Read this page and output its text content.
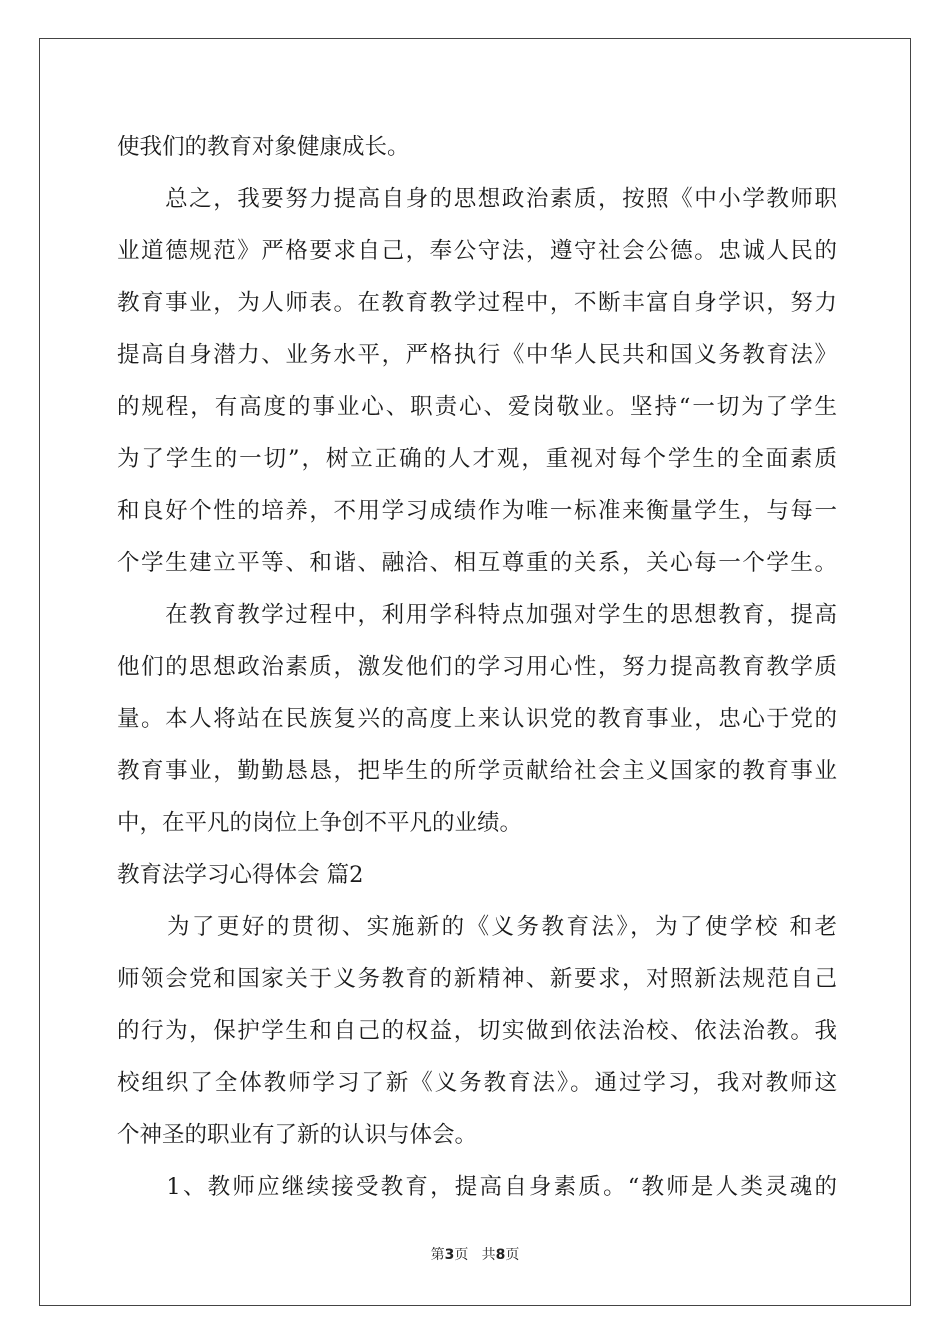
使我们的教育对象健康成长。
　　总之，我要努力提高自身的思想政治素质，按照《中小学教师职
业道德规范》严格要求自己，奉公守法，遵守社会公德。忠诚人民的
教育事业，为人师表。在教育教学过程中，不断丰富自身学识，努力
提高自身潜力、业务水平，严格执行《中华人民共和国义务教育法》
的规程，有高度的事业心、职责心、爱岗敬业。坚持“一切为了学生
为了学生的一切”，树立正确的人才观，重视对每个学生的全面素质
和良好个性的培养，不用学习成绩作为唯一标准来衡量学生，与每一
个学生建立平等、和谐、融洽、相互尊重的关系，关心每一个学生。
　　在教育教学过程中，利用学科特点加强对学生的思想教育，提高
他们的思想政治素质，激发他们的学习用心性，努力提高教育教学质
量。本人将站在民族复兴的高度上来认识党的教育事业，忠心于党的
教育事业，勤勤恳恳，把毕生的所学贡献给社会主义国家的教育事业
中，在平凡的岗位上争创不平凡的业绩。
教育法学习心得体会 篇2
　　为了更好的贯彻、实施新的《义务教育法》，为了使学校 和老
师领会党和国家关于义务教育的新精神、新要求，对照新法规范自己
的行为，保护学生和自己的权益，切实做到依法治校、依法治教。我
校组织了全体教师学习了新《义务教育法》。通过学习，我对教师这
个神圣的职业有了新的认识与体会。
　　1、教师应继续接受教育，提高自身素质。“教师是人类灵魂的
第3页   共8页
